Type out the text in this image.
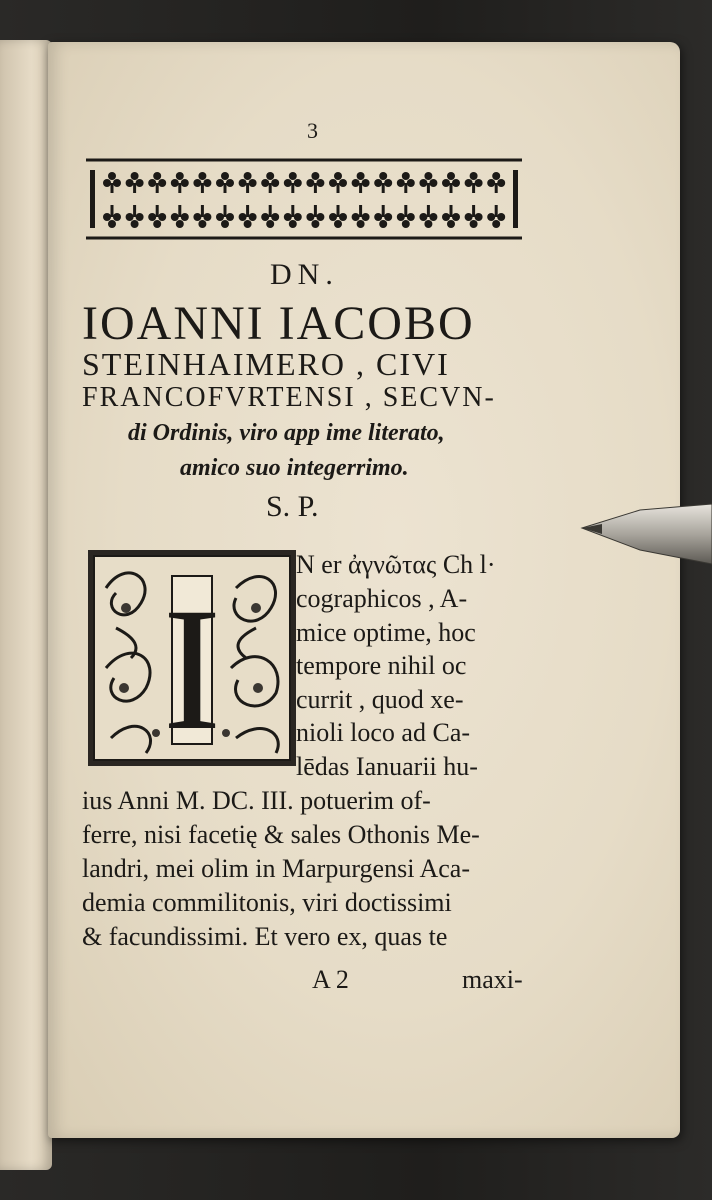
3
DN.
IOANNI IACOBO
STEINHAIMERO , CIVI
FRANCOFVRTENSI , SECVN-
di Ordinis, viro app ime literato,
amico suo integerrimo.
S. P.
I
N er ἀγνῶτας Ch l·
cographicos , A-
mice optime, hoc
tempore nihil oc
currit , quod xe-
nioli loco ad Ca-
lēdas Ianuarii hu-
ius Anni M. DC. III. potuerim of-
ferre, nisi facetię & sales Othonis Me-
landri, mei olim in Marpurgensi Aca-
demia commilitonis, viri doctissimi
& facundissimi. Et vero ex, quas te
A 2	maxi-
